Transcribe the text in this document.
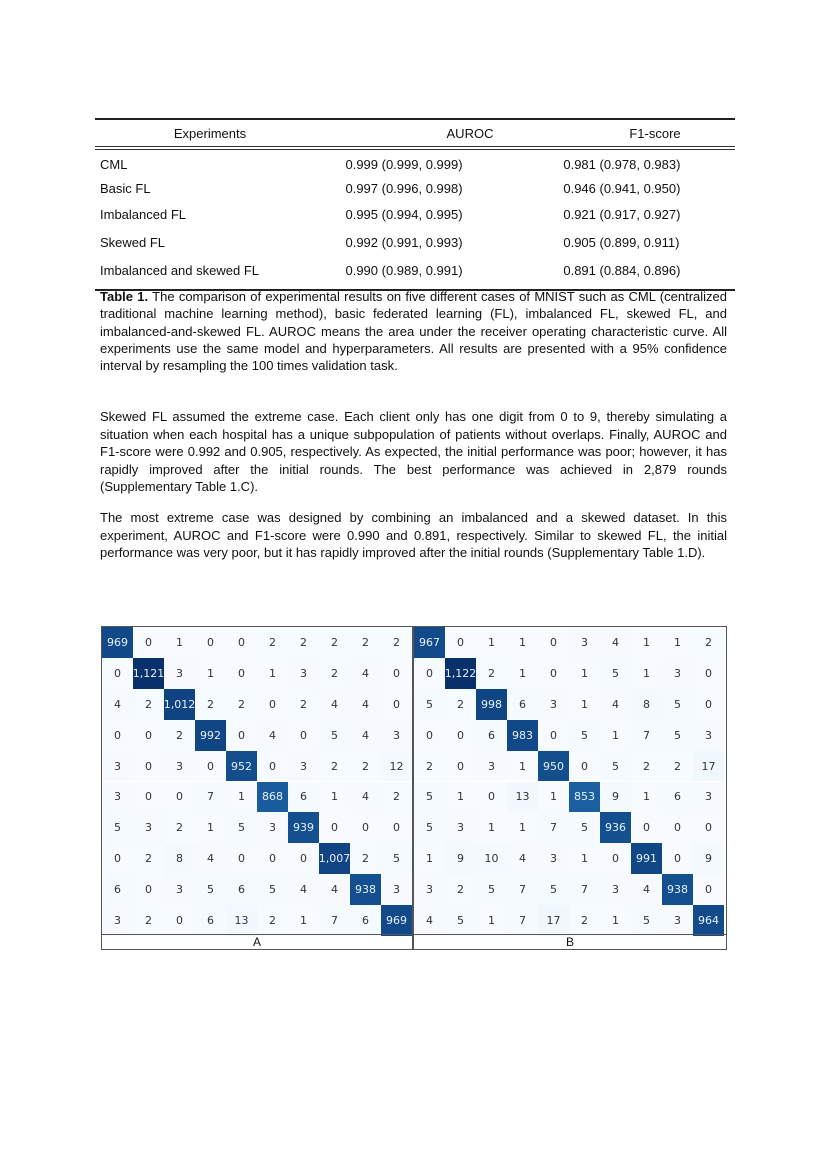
Experiments	AUROC	F1-score
CML	0.999 (0.999, 0.999)	0.981 (0.978, 0.983)
Basic FL	0.997 (0.996, 0.998)	0.946 (0.941, 0.950)
Imbalanced FL	0.995 (0.994, 0.995)	0.921 (0.917, 0.927)
Skewed FL	0.992 (0.991, 0.993)	0.905 (0.899, 0.911)
Imbalanced and skewed FL	0.990 (0.989, 0.991)	0.891 (0.884, 0.896)
Table 1. The comparison of experimental results on five different cases of MNIST such as CML (centralized traditional machine learning method), basic federated learning (FL), imbalanced FL, skewed FL, and imbalanced-and-skewed FL. AUROC means the area under the receiver operating characteristic curve. All experiments use the same model and hyperparameters. All results are presented with a 95% confidence interval by resampling the 100 times validation task.

Skewed FL assumed the extreme case. Each client only has one digit from 0 to 9, thereby simulating a situation when each hospital has a unique subpopulation of patients without overlaps. Finally, AUROC and F1-score were 0.992 and 0.905, respectively. As expected, the initial performance was poor; however, it has rapidly improved after the initial rounds. The best performance was achieved in 2,879 rounds (Supplementary Table 1.C).

The most extreme case was designed by combining an imbalanced and a skewed dataset. In this experiment, AUROC and F1-score were 0.990 and 0.891, respectively. Similar to skewed FL, the initial performance was very poor, but it has rapidly improved after the initial rounds (Supplementary Table 1.D).

969	0	1	0	0	2	2	2	2	2
0	1,121	3	1	0	1	3	2	4	0
4	2	1,012	2	2	0	2	4	4	0
0	0	2	992	0	4	0	5	4	3
3	0	3	0	952	0	3	2	2	12
3	0	0	7	1	868	6	1	4	2
5	3	2	1	5	3	939	0	0	0
0	2	8	4	0	0	0	1,007	2	5
6	0	3	5	6	5	4	4	938	3
3	2	0	6	13	2	1	7	6	969
A
967	0	1	1	0	3	4	1	1	2
0	1,122	2	1	0	1	5	1	3	0
5	2	998	6	3	1	4	8	5	0
0	0	6	983	0	5	1	7	5	3
2	0	3	1	950	0	5	2	2	17
5	1	0	13	1	853	9	1	6	3
5	3	1	1	7	5	936	0	0	0
1	9	10	4	3	1	0	991	0	9
3	2	5	7	5	7	3	4	938	0
4	5	1	7	17	2	1	5	3	964
B
